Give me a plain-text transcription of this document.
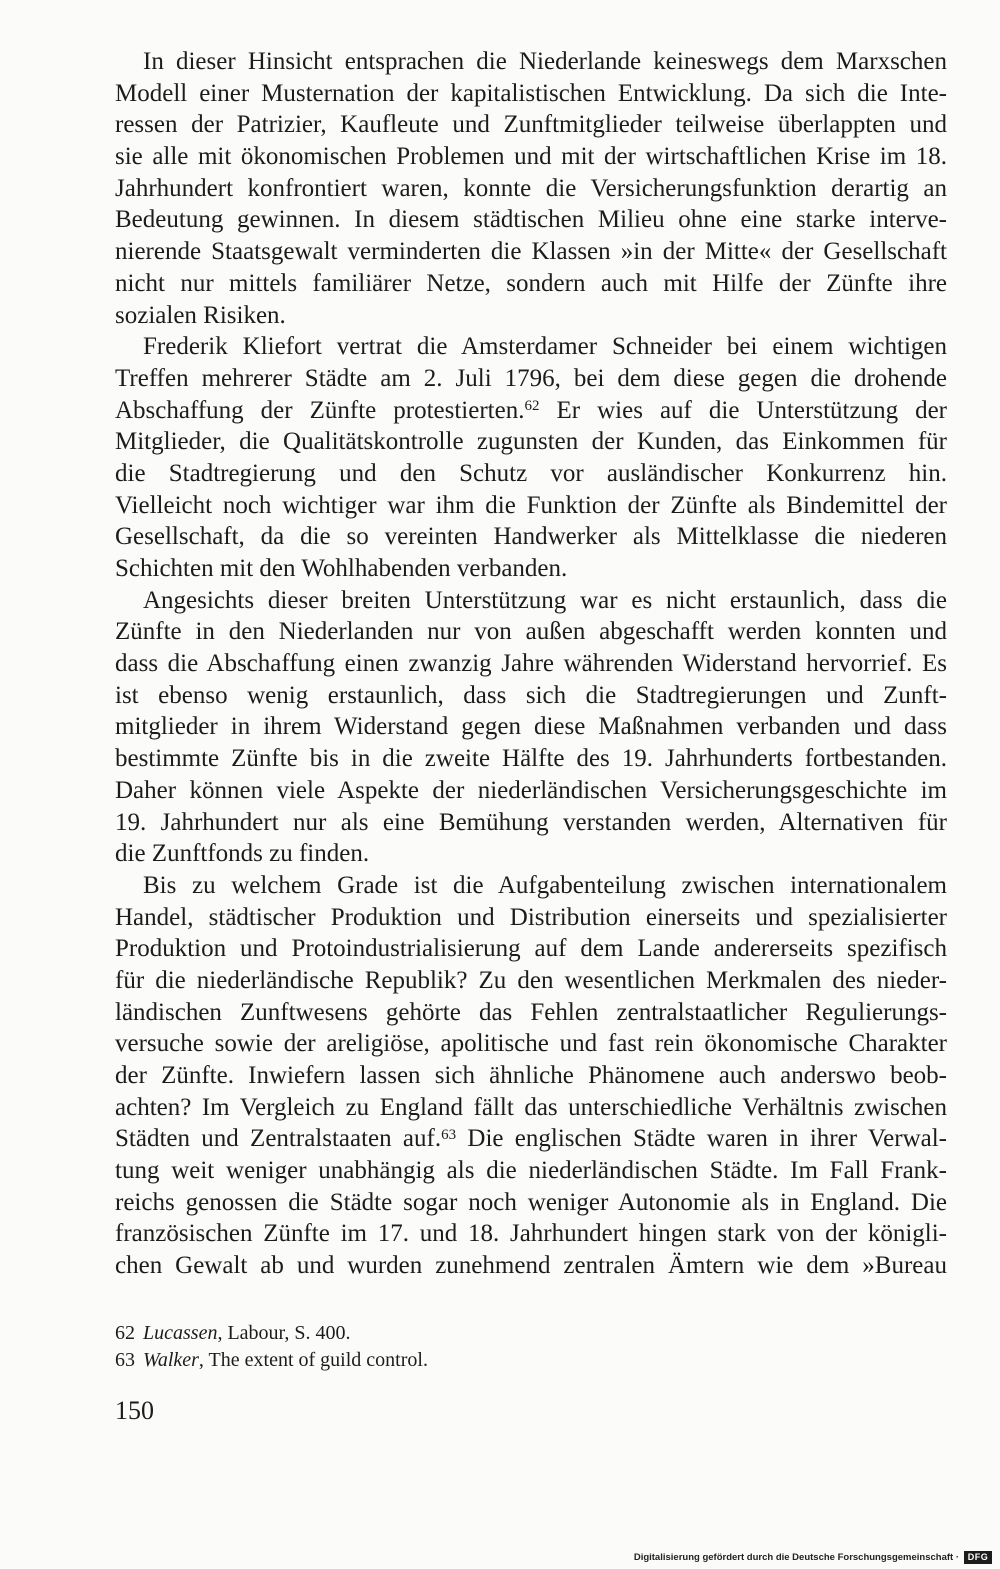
In dieser Hinsicht entsprachen die Niederlande keineswegs dem Marxschen
Modell einer Musternation der kapitalistischen Entwicklung. Da sich die Inte-
ressen der Patrizier, Kaufleute und Zunftmitglieder teilweise überlappten und
sie alle mit ökonomischen Problemen und mit der wirtschaftlichen Krise im 18.
Jahrhundert konfrontiert waren, konnte die Versicherungsfunktion derartig an
Bedeutung gewinnen. In diesem städtischen Milieu ohne eine starke interve-
nierende Staatsgewalt verminderten die Klassen »in der Mitte« der Gesellschaft
nicht nur mittels familiärer Netze, sondern auch mit Hilfe der Zünfte ihre
sozialen Risiken.
Frederik Kliefort vertrat die Amsterdamer Schneider bei einem wichtigen
Treffen mehrerer Städte am 2. Juli 1796, bei dem diese gegen die drohende
Abschaffung der Zünfte protestierten.$^{62}$ Er wies auf die Unterstützung der
Mitglieder, die Qualitätskontrolle zugunsten der Kunden, das Einkommen für
die Stadtregierung und den Schutz vor ausländischer Konkurrenz hin.
Vielleicht noch wichtiger war ihm die Funktion der Zünfte als Bindemittel der
Gesellschaft, da die so vereinten Handwerker als Mittelklasse die niederen
Schichten mit den Wohlhabenden verbanden.
Angesichts dieser breiten Unterstützung war es nicht erstaunlich, dass die
Zünfte in den Niederlanden nur von außen abgeschafft werden konnten und
dass die Abschaffung einen zwanzig Jahre währenden Widerstand hervorrief. Es
ist ebenso wenig erstaunlich, dass sich die Stadtregierungen und Zunft-
mitglieder in ihrem Widerstand gegen diese Maßnahmen verbanden und dass
bestimmte Zünfte bis in die zweite Hälfte des 19. Jahrhunderts fortbestanden.
Daher können viele Aspekte der niederländischen Versicherungsgeschichte im
19. Jahrhundert nur als eine Bemühung verstanden werden, Alternativen für
die Zunftfonds zu finden.
Bis zu welchem Grade ist die Aufgabenteilung zwischen internationalem
Handel, städtischer Produktion und Distribution einerseits und spezialisierter
Produktion und Protoindustrialisierung auf dem Lande andererseits spezifisch
für die niederländische Republik? Zu den wesentlichen Merkmalen des nieder-
ländischen Zunftwesens gehörte das Fehlen zentralstaatlicher Regulierungs-
versuche sowie der areligiöse, apolitische und fast rein ökonomische Charakter
der Zünfte. Inwiefern lassen sich ähnliche Phänomene auch anderswo beob-
achten? Im Vergleich zu England fällt das unterschiedliche Verhältnis zwischen
Städten und Zentralstaaten auf.$^{63}$ Die englischen Städte waren in ihrer Verwal-
tung weit weniger unabhängig als die niederländischen Städte. Im Fall Frank-
reichs genossen die Städte sogar noch weniger Autonomie als in England. Die
französischen Zünfte im 17. und 18. Jahrhundert hingen stark von der königli-
chen Gewalt ab und wurden zunehmend zentralen Ämtern wie dem »Bureau
62 Lucassen, Labour, S. 400.
63 Walker, The extent of guild control.
150
Digitalisierung gefördert durch die Deutsche Forschungsgemeinschaft · DFG
